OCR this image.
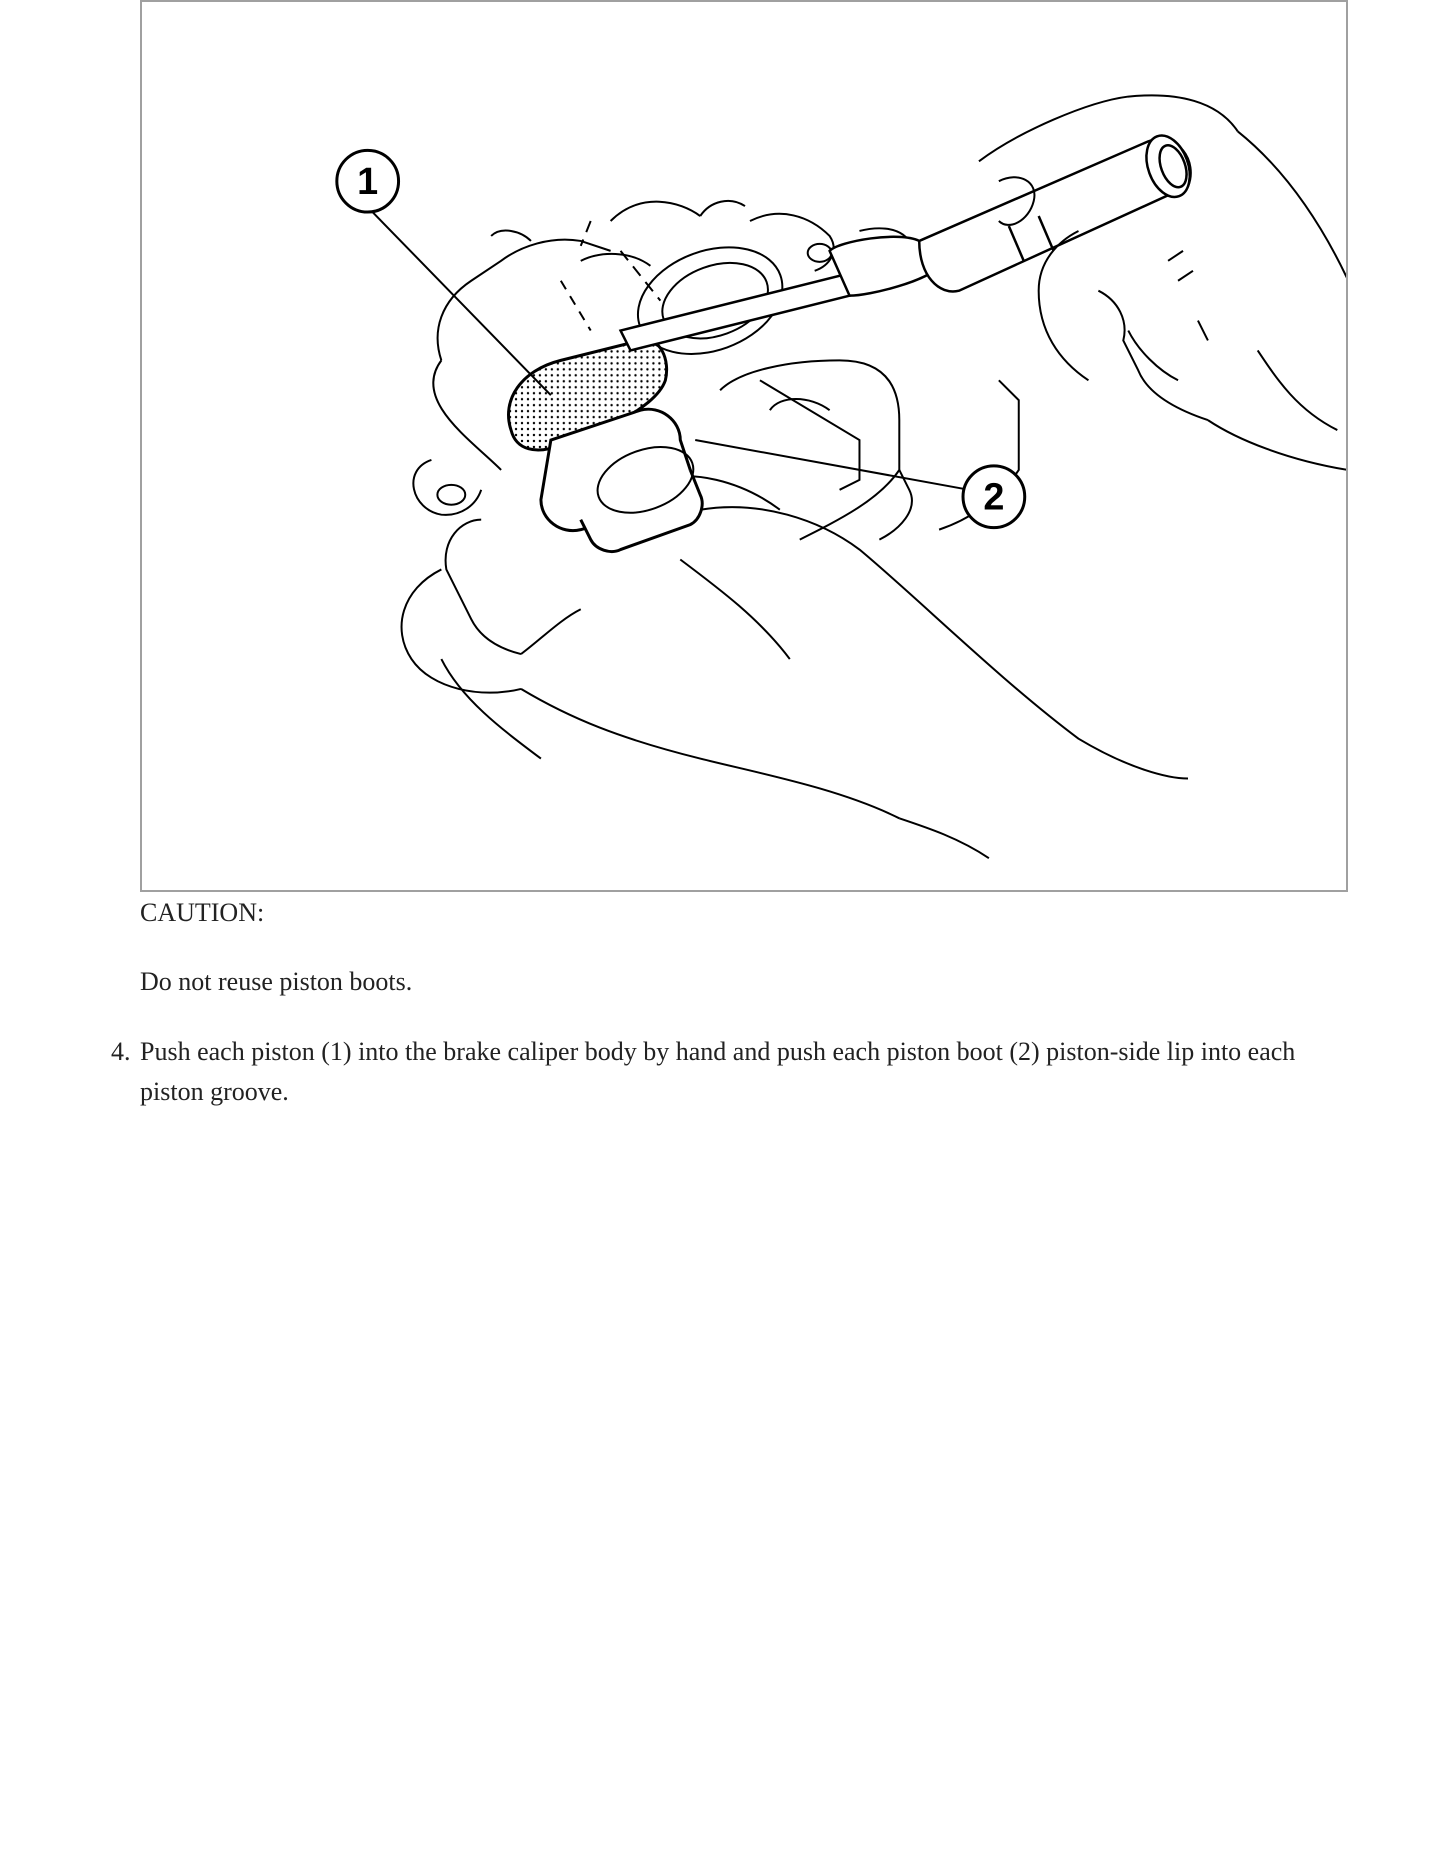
1
2
CAUTION:
Do not reuse piston boots.
4. Push each piston (1) into the brake caliper body by hand and push each piston boot (2) piston-side lip into each piston groove.
